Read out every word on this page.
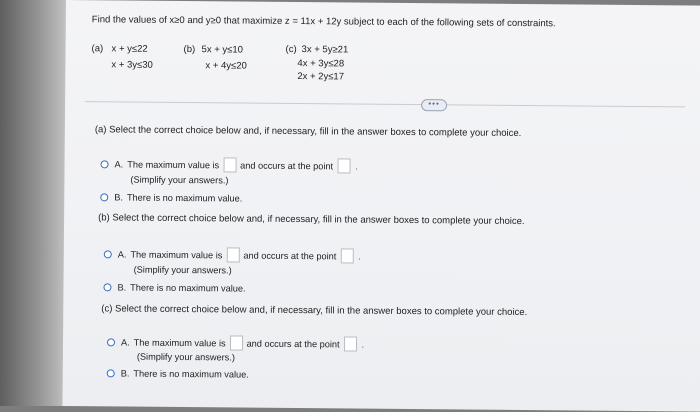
Find the values of x≥0 and y≥0 that maximize z = 11x + 12y subject to each of the following sets of constraints.
(a) x + y≤22
x + 3y≤30
(b) 5x + y≤10
x + 4y≤20
(c) 3x + 5y≥21
4x + 3y≤28
2x + 2y≤17
•••
(a) Select the correct choice below and, if necessary, fill in the answer boxes to complete your choice.
A. The maximum value is and occurs at the point .
(Simplify your answers.)
B. There is no maximum value.
(b) Select the correct choice below and, if necessary, fill in the answer boxes to complete your choice.
A. The maximum value is and occurs at the point .
(Simplify your answers.)
B. There is no maximum value.
(c) Select the correct choice below and, if necessary, fill in the answer boxes to complete your choice.
A. The maximum value is and occurs at the point .
(Simplify your answers.)
B. There is no maximum value.
